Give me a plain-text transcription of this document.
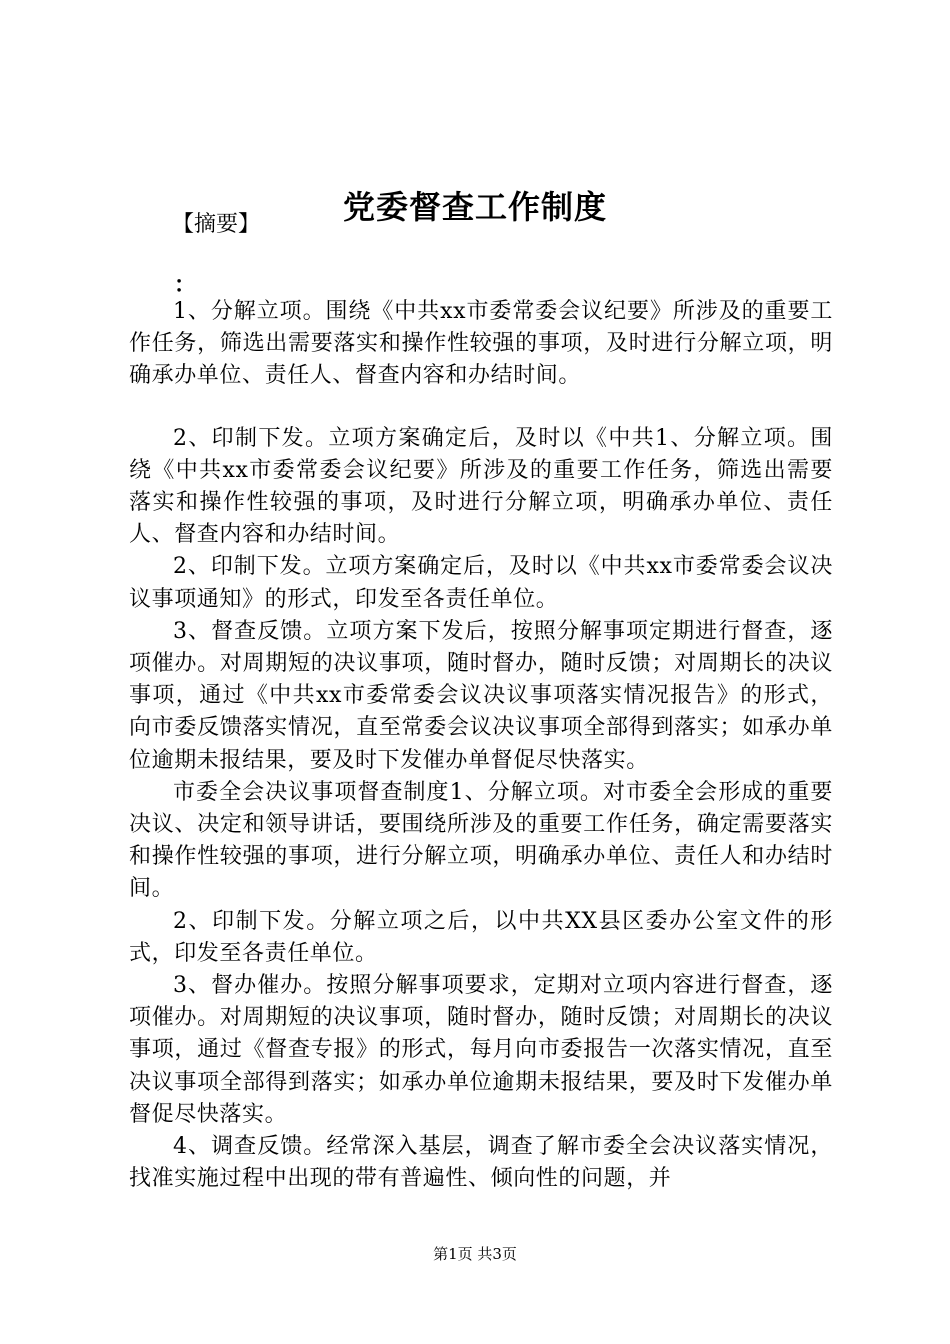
党委督查工作制度
【摘要】
：

1、分解立项。围绕《中共xx市委常委会议纪要》所涉及的重要工作任务，筛选出需要落实和操作性较强的事项，及时进行分解立项，明确承办单位、责任人、督查内容和办结时间。

2、印制下发。立项方案确定后，及时以《中共1、分解立项。围绕《中共xx市委常委会议纪要》所涉及的重要工作任务，筛选出需要落实和操作性较强的事项，及时进行分解立项，明确承办单位、责任人、督查内容和办结时间。

2、印制下发。立项方案确定后，及时以《中共xx市委常委会议决议事项通知》的形式，印发至各责任单位。

3、督查反馈。立项方案下发后，按照分解事项定期进行督查，逐项催办。对周期短的决议事项，随时督办，随时反馈；对周期长的决议事项，通过《中共xx市委常委会议决议事项落实情况报告》的形式，向市委反馈落实情况，直至常委会议决议事项全部得到落实；如承办单位逾期未报结果，要及时下发催办单督促尽快落实。

市委全会决议事项督查制度1、分解立项。对市委全会形成的重要决议、决定和领导讲话，要围绕所涉及的重要工作任务，确定需要落实和操作性较强的事项，进行分解立项，明确承办单位、责任人和办结时间。

2、印制下发。分解立项之后，以中共XX县区委办公室文件的形式，印发至各责任单位。

3、督办催办。按照分解事项要求，定期对立项内容进行督查，逐项催办。对周期短的决议事项，随时督办，随时反馈；对周期长的决议事项，通过《督查专报》的形式，每月向市委报告一次落实情况，直至决议事项全部得到落实；如承办单位逾期未报结果，要及时下发催办单督促尽快落实。

4、调查反馈。经常深入基层，调查了解市委全会决议落实情况，找准实施过程中出现的带有普遍性、倾向性的问题，并

第1页 共3页
